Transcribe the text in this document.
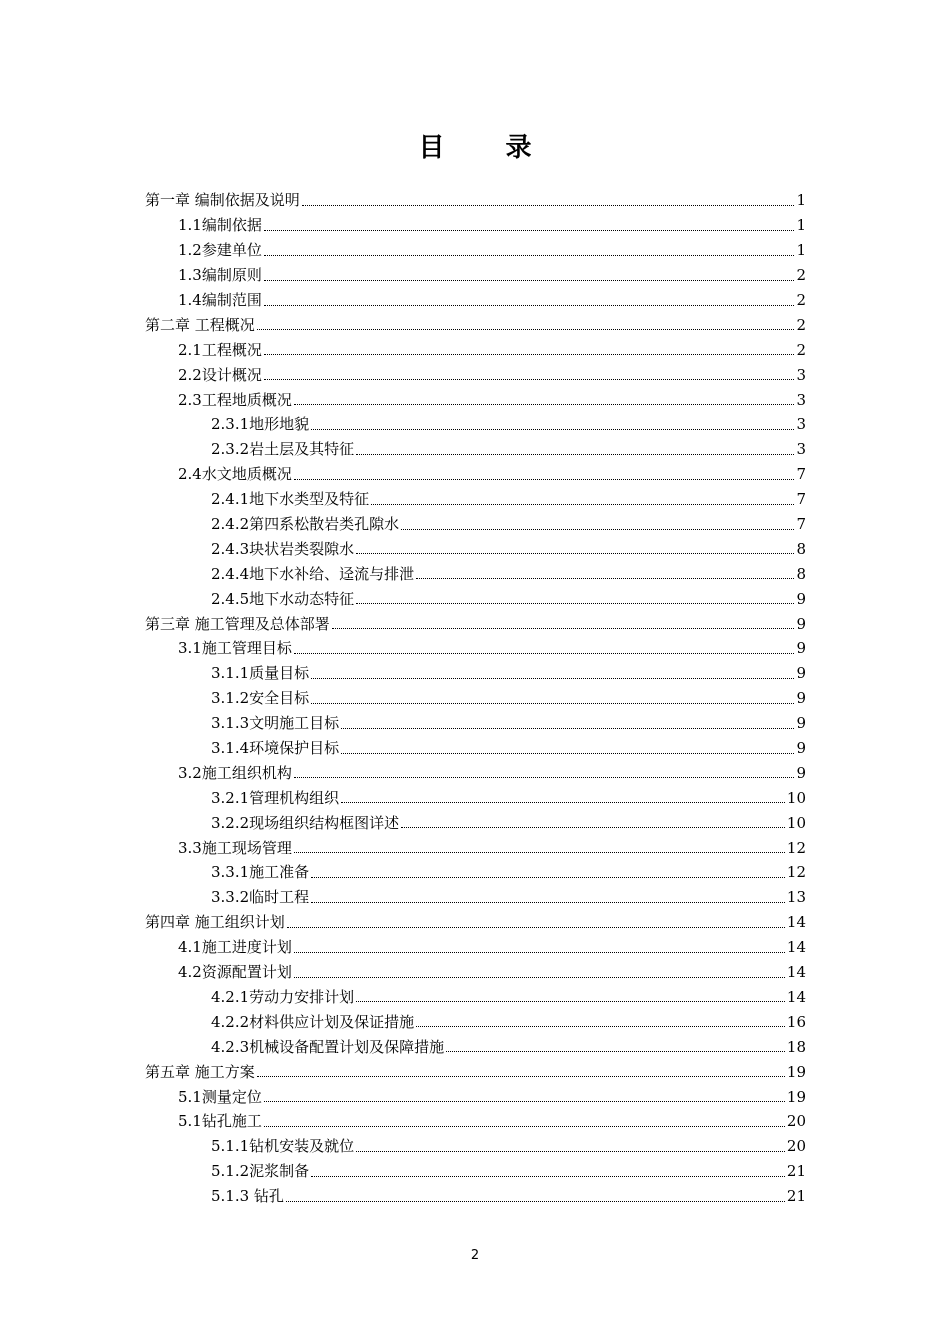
目 录
第一章 编制依据及说明	1
1.1编制依据	1
1.2参建单位	1
1.3编制原则	2
1.4编制范围	2
第二章 工程概况	2
2.1工程概况	2
2.2设计概况	3
2.3工程地质概况	3
2.3.1地形地貌	3
2.3.2岩土层及其特征	3
2.4水文地质概况	7
2.4.1地下水类型及特征	7
2.4.2第四系松散岩类孔隙水	7
2.4.3块状岩类裂隙水	8
2.4.4地下水补给、迳流与排泄	8
2.4.5地下水动态特征	9
第三章 施工管理及总体部署	9
3.1施工管理目标	9
3.1.1质量目标	9
3.1.2安全目标	9
3.1.3文明施工目标	9
3.1.4环境保护目标	9
3.2施工组织机构	9
3.2.1管理机构组织	10
3.2.2现场组织结构框图详述	10
3.3施工现场管理	12
3.3.1施工准备	12
3.3.2临时工程	13
第四章 施工组织计划	14
4.1施工进度计划	14
4.2资源配置计划	14
4.2.1劳动力安排计划	14
4.2.2材料供应计划及保证措施	16
4.2.3机械设备配置计划及保障措施	18
第五章 施工方案	19
5.1测量定位	19
5.1钻孔施工	20
5.1.1钻机安装及就位	20
5.1.2泥浆制备	21
5.1.3 钻孔	21
2
